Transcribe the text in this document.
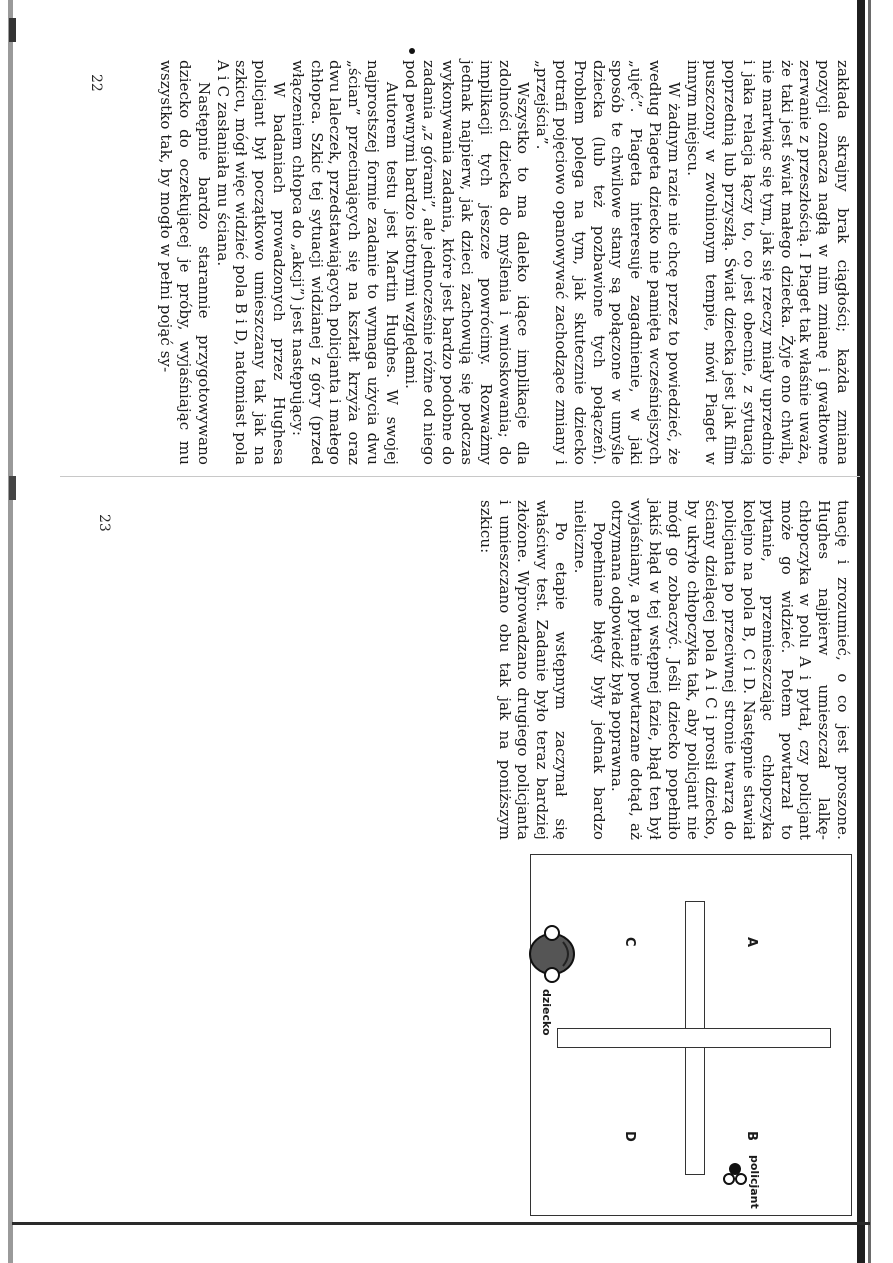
zakłada skrajny brak ciągłości; każda zmiana pozycji oznacza nagłą w nim zmianę i gwałtowne zerwanie z przeszłością. I Piaget tak właśnie uważa, że taki jest świat małego dziecka. Żyje ono chwilą, nie martwiąc się tym, jak się rzeczy miały uprzednio i jaka relacja łączy to, co jest obecnie, z sytuacją poprzednią lub przyszłą. Świat dziecka jest jak film puszczony w zwolnionym tempie, mówi Piaget w innym miejscu.

W żadnym razie nie chcę przez to powiedzieć, że według Piageta dziecko nie pamięta wcześniejszych „ujęć”. Piageta interesuje zagadnienie, w jaki sposób te chwilowe stany są połączone w umyśle dziecka (lub też pozbawione tych połączeń). Problem polega na tym, jak skutecznie dziecko potrafi pojęciowo opanowywać zachodzące zmiany i „przejścia”.

Wszystko to ma daleko idące implikacje dla zdolności dziecka do myślenia i wnioskowania; do implikacji tych jeszcze powrócimy. Rozważmy jednak najpierw, jak dzieci zachowują się podczas wykonywania zadania, które jest bardzo podobne do zadania „z górami”, ale jednocześnie różne od niego pod pewnymi bardzo istotnymi względami.

Autorem testu jest Martin Hughes. W swojej najprostszej formie zadanie to wymaga użycia dwu „ścian” przecinających się na kształt krzyża oraz dwu laleczek, przedstawiających policjanta i małego chłopca. Szkic tej sytuacji widzianej z góry (przed włączeniem chłopca do „akcji”) jest następujący:

W badaniach prowadzonych przez Hughesa policjant był początkowo umieszczany tak jak na szkicu, mógł więc widzieć pola B i D, natomiast pola A i C zasłaniała mu ściana.

Następnie bardzo starannie przygotowywano dziecko do oczekującej je próby, wyjaśniając mu wszystko tak, by mogło w pełni pojąć sy-

22

tuację i zrozumieć, o co jest proszone. Hughes najpierw umieszczał lalkę-chłopczyka w polu A i pytał, czy policjant może go widzieć. Potem powtarzał to pytanie, przemieszczając chłopczyka kolejno na pola B, C i D. Następnie stawiał policjanta po przeciwnej stronie twarzą do ściany dzielącej pola A i C i prosił dziecko, by ukryło chłopczyka tak, aby policjant nie mógł go zobaczyć. Jeśli dziecko popełniło jakiś błąd w tej wstępnej fazie, błąd ten był wyjaśniany, a pytanie powtarzane dotąd, aż otrzymana odpowiedź była poprawna.

Popełniane błędy były jednak bardzo nieliczne.

Po etapie wstępnym zaczynał się właściwy test. Zadanie było teraz bardziej złożone. Wprowadzano drugiego policjanta i umieszczano obu tak jak na poniższym szkicu:

A
B
C
D
policjant
dziecko
23
